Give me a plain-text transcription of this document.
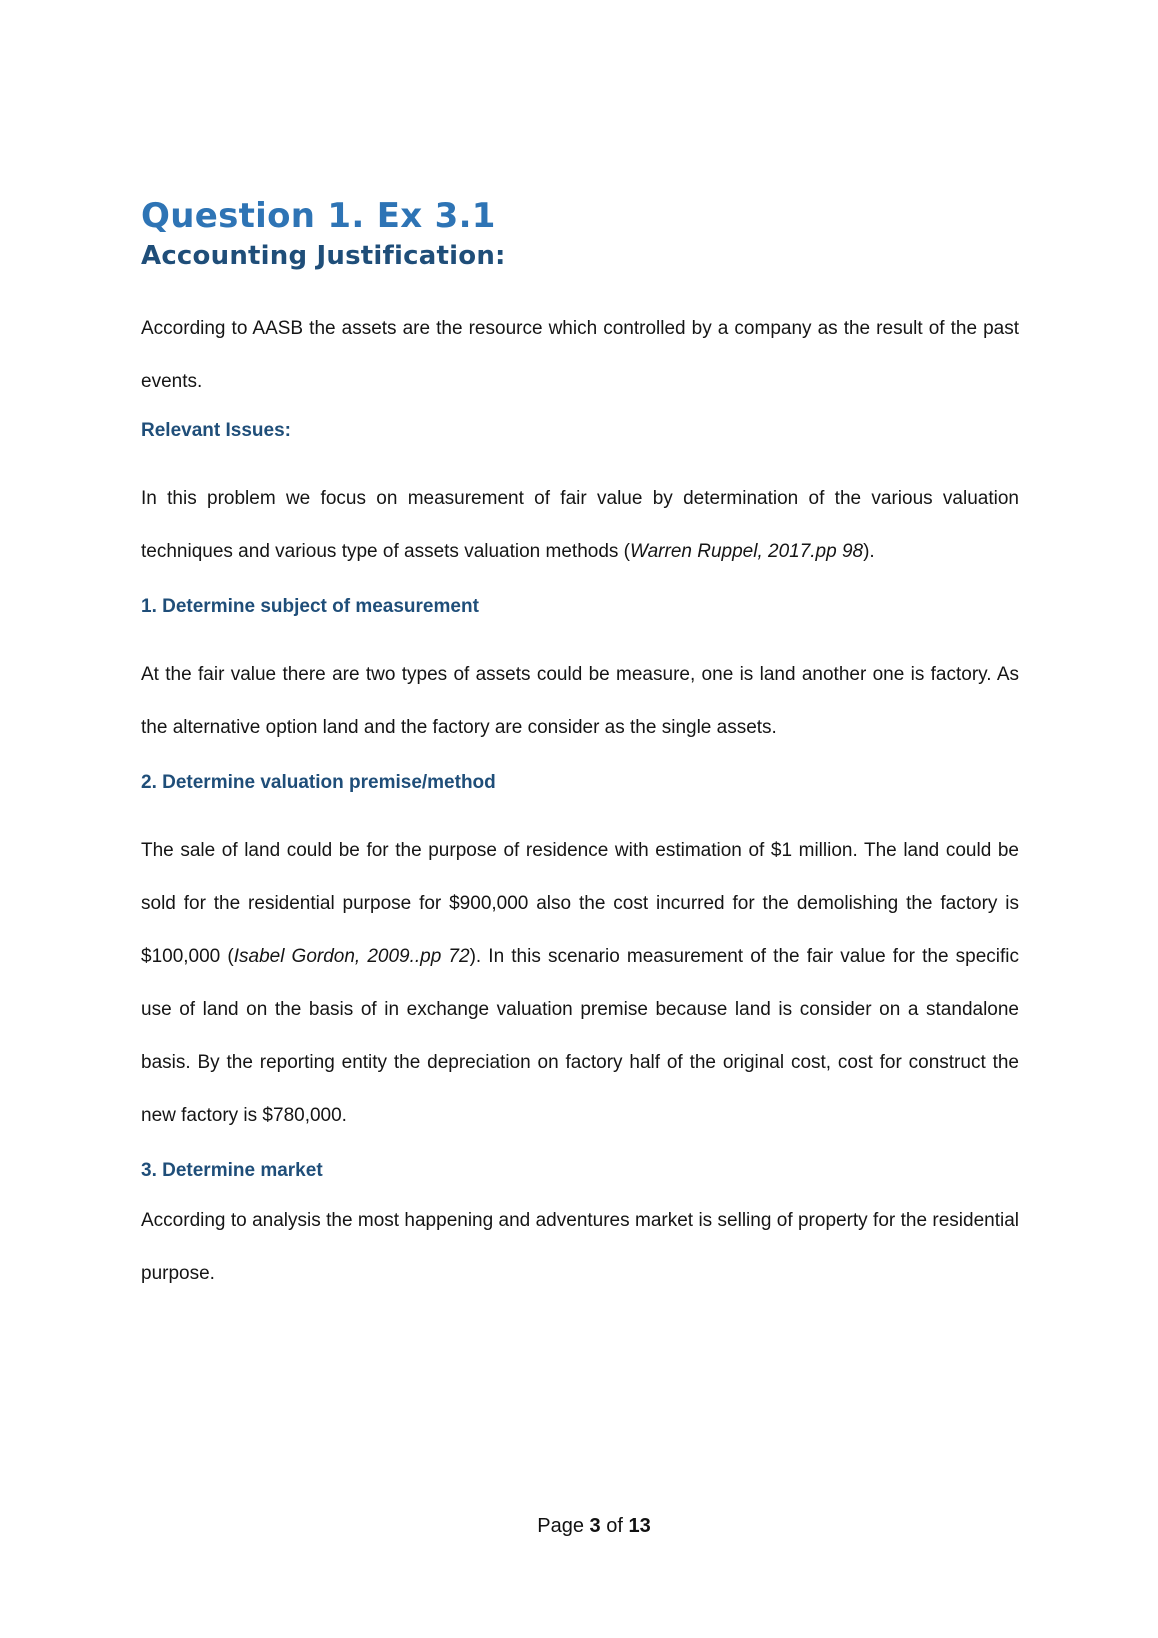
Question 1. Ex 3.1
Accounting Justification:

According to AASB the assets are the resource which controlled by a company as the result of the past events.

Relevant Issues:

In this problem we focus on measurement of fair value by determination of the various valuation techniques and various type of assets valuation methods (Warren Ruppel, 2017.pp 98).

1. Determine subject of measurement

At the fair value there are two types of assets could be measure, one is land another one is factory. As the alternative option land and the factory are consider as the single assets.

2. Determine valuation premise/method

The sale of land could be for the purpose of residence with estimation of $1 million. The land could be sold for the residential purpose for $900,000 also the cost incurred for the demolishing the factory is $100,000 (Isabel Gordon, 2009..pp 72). In this scenario measurement of the fair value for the specific use of land on the basis of in exchange valuation premise because land is consider on a standalone basis. By the reporting entity the depreciation on factory half of the original cost, cost for construct the new factory is $780,000.

3. Determine market

According to analysis the most happening and adventures market is selling of property for the residential purpose.

Page 3 of 13
